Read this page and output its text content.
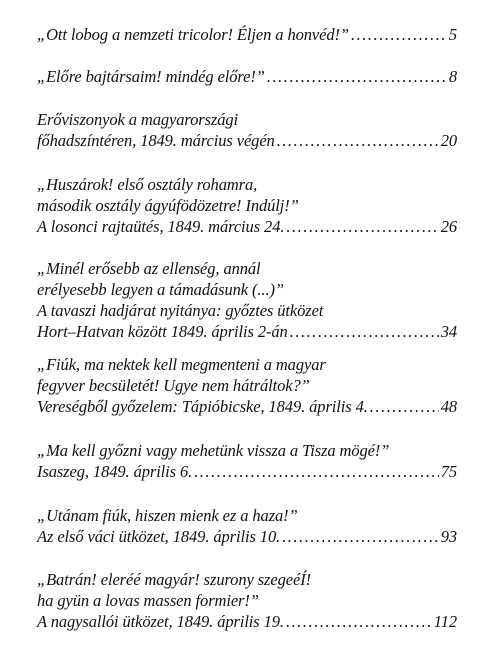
„Ott lobog a nemzeti tricolor! Éljen a honvéd!” . . .	5
„Előre bajtársaim! mindég előre!” . . .	8
Erőviszonyok a magyarországi
főhadszíntéren, 1849. március végén . . .	20
„Huszárok! első osztály rohamra,
második osztály ágyúfödözetre! Indúlj!”
A losonci rajtaütés, 1849. március 24. . . .	26
„Minél erősebb az ellenség, annál
erélyesebb legyen a támadásunk (...)”
A tavaszi hadjárat nyitánya: győztes ütközet
Hort–Hatvan között 1849. április 2-án . . .	34
„Fiúk, ma nektek kell megmenteni a magyar
fegyver becsületét! Ugye nem hátráltok?”
Vereségből győzelem: Tápióbicske, 1849. április 4. . . .	48
„Ma kell győzni vagy mehetünk vissza a Tisza mögé!”
Isaszeg, 1849. április 6. . . .	75
„Utánam fiúk, hiszen mienk ez a haza!”
Az első váci ütközet, 1849. április 10. . . .	93
„Batrán! eleréé magyár! szurony szegeéÍ!
ha gyün a lovas massen formier!”
A nagysallói ütközet, 1849. április 19. . . .	112
